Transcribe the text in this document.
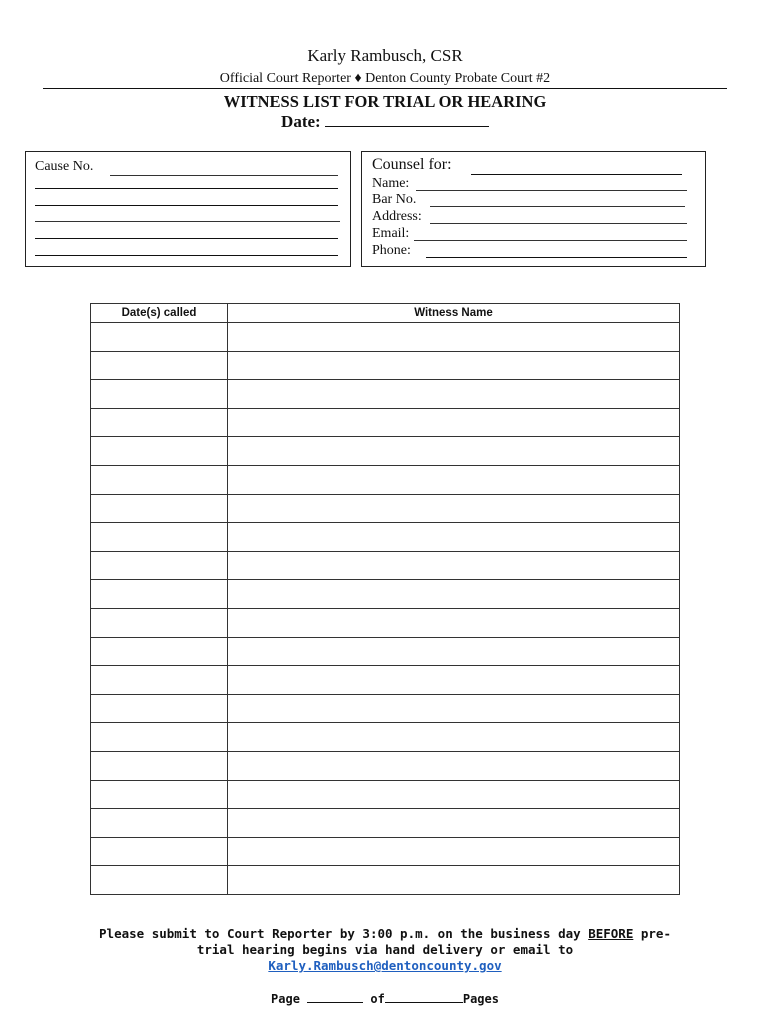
Karly Rambusch, CSR
Official Court Reporter ♦ Denton County Probate Court #2
WITNESS LIST FOR TRIAL OR HEARING
Date:
Cause No.	Counsel for:
Name:
Bar No.
Address:
Email:
Phone:
Date(s) called	Witness Name

Please submit to Court Reporter by 3:00 p.m. on the business day BEFORE pre-
trial hearing begins via hand delivery or email to
Karly.Rambusch@dentoncounty.gov
Page	of	Pages
